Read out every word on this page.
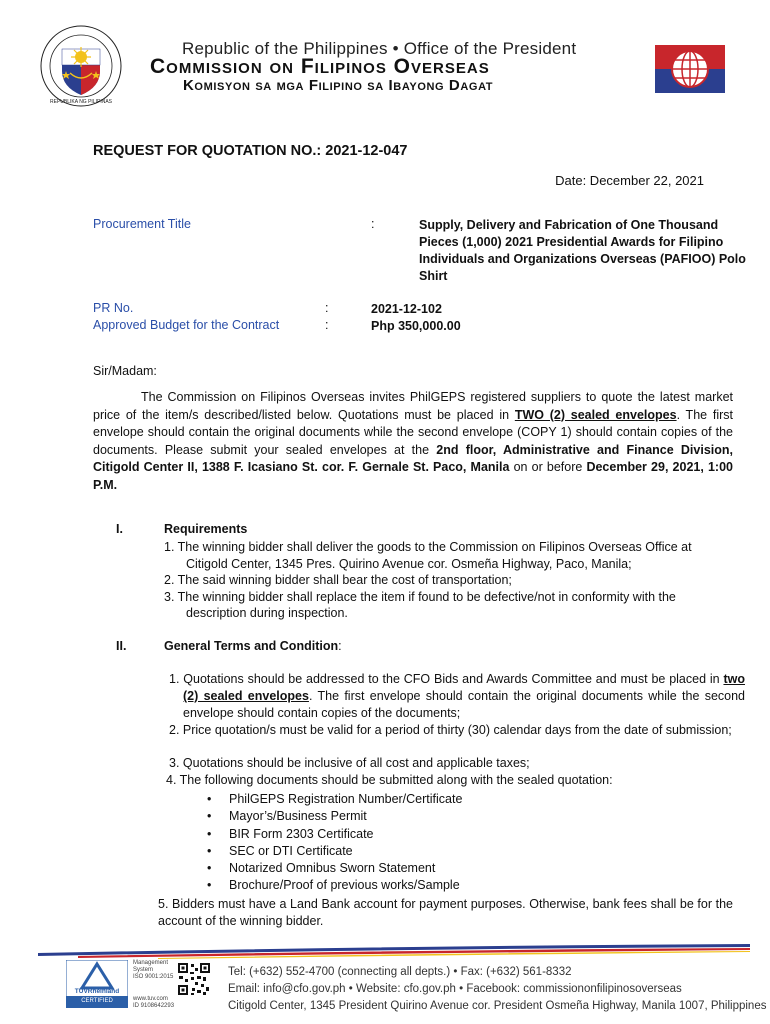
REPUBLIKA NG PILIPINAS
Republic of the Philippines • Office of the President
Commission on Filipinos Overseas
Komisyon sa mga Filipino sa Ibayong Dagat
REQUEST FOR QUOTATION NO.: 2021-12-047
Date: December 22, 2021
Procurement Title	:	Supply, Delivery and Fabrication of One Thousand Pieces (1,000) 2021 Presidential Awards for Filipino Individuals and Organizations Overseas (PAFIOO) Polo Shirt
PR No.	:	2021-12-102
Approved Budget for the Contract	:	Php 350,000.00
Sir/Madam:
The Commission on Filipinos Overseas invites PhilGEPS registered suppliers to quote the latest market price of the item/s described/listed below. Quotations must be placed in TWO (2) sealed envelopes. The first envelope should contain the original documents while the second envelope (COPY 1) should contain copies of the documents. Please submit your sealed envelopes at the 2nd floor, Administrative and Finance Division, Citigold Center II, 1388 F. Icasiano St. cor. F. Gernale St. Paco, Manila on or before December 29, 2021, 1:00 P.M.
I.	Requirements
1. The winning bidder shall deliver the goods to the Commission on Filipinos Overseas Office at Citigold Center, 1345 Pres. Quirino Avenue cor. Osmeña Highway, Paco, Manila;
2. The said winning bidder shall bear the cost of transportation;
3. The winning bidder shall replace the item if found to be defective/not in conformity with the description during inspection.
II.	General Terms and Condition:
1. Quotations should be addressed to the CFO Bids and Awards Committee and must be placed in two (2) sealed envelopes. The first envelope should contain the original documents while the second envelope should contain copies of the documents;
2. Price quotation/s must be valid for a period of thirty (30) calendar days from the date of submission;
3. Quotations should be inclusive of all cost and applicable taxes;
4. The following documents should be submitted along with the sealed quotation:
• PhilGEPS Registration Number/Certificate
• Mayor’s/Business Permit
• BIR Form 2303 Certificate
• SEC or DTI Certificate
• Notarized Omnibus Sworn Statement
• Brochure/Proof of previous works/Sample
5. Bidders must have a Land Bank account for payment purposes. Otherwise, bank fees shall be for the account of the winning bidder.
TÜVRheinland
CERTIFIED
Management
System
ISO 9001:2015
www.tuv.com
ID 9108642293
Tel: (+632) 552-4700 (connecting all depts.) • Fax: (+632) 561-8332
Email: info@cfo.gov.ph • Website: cfo.gov.ph • Facebook: commissiononfilipinosoverseas
Citigold Center, 1345 President Quirino Avenue cor. President Osmeña Highway, Manila 1007, Philippines
